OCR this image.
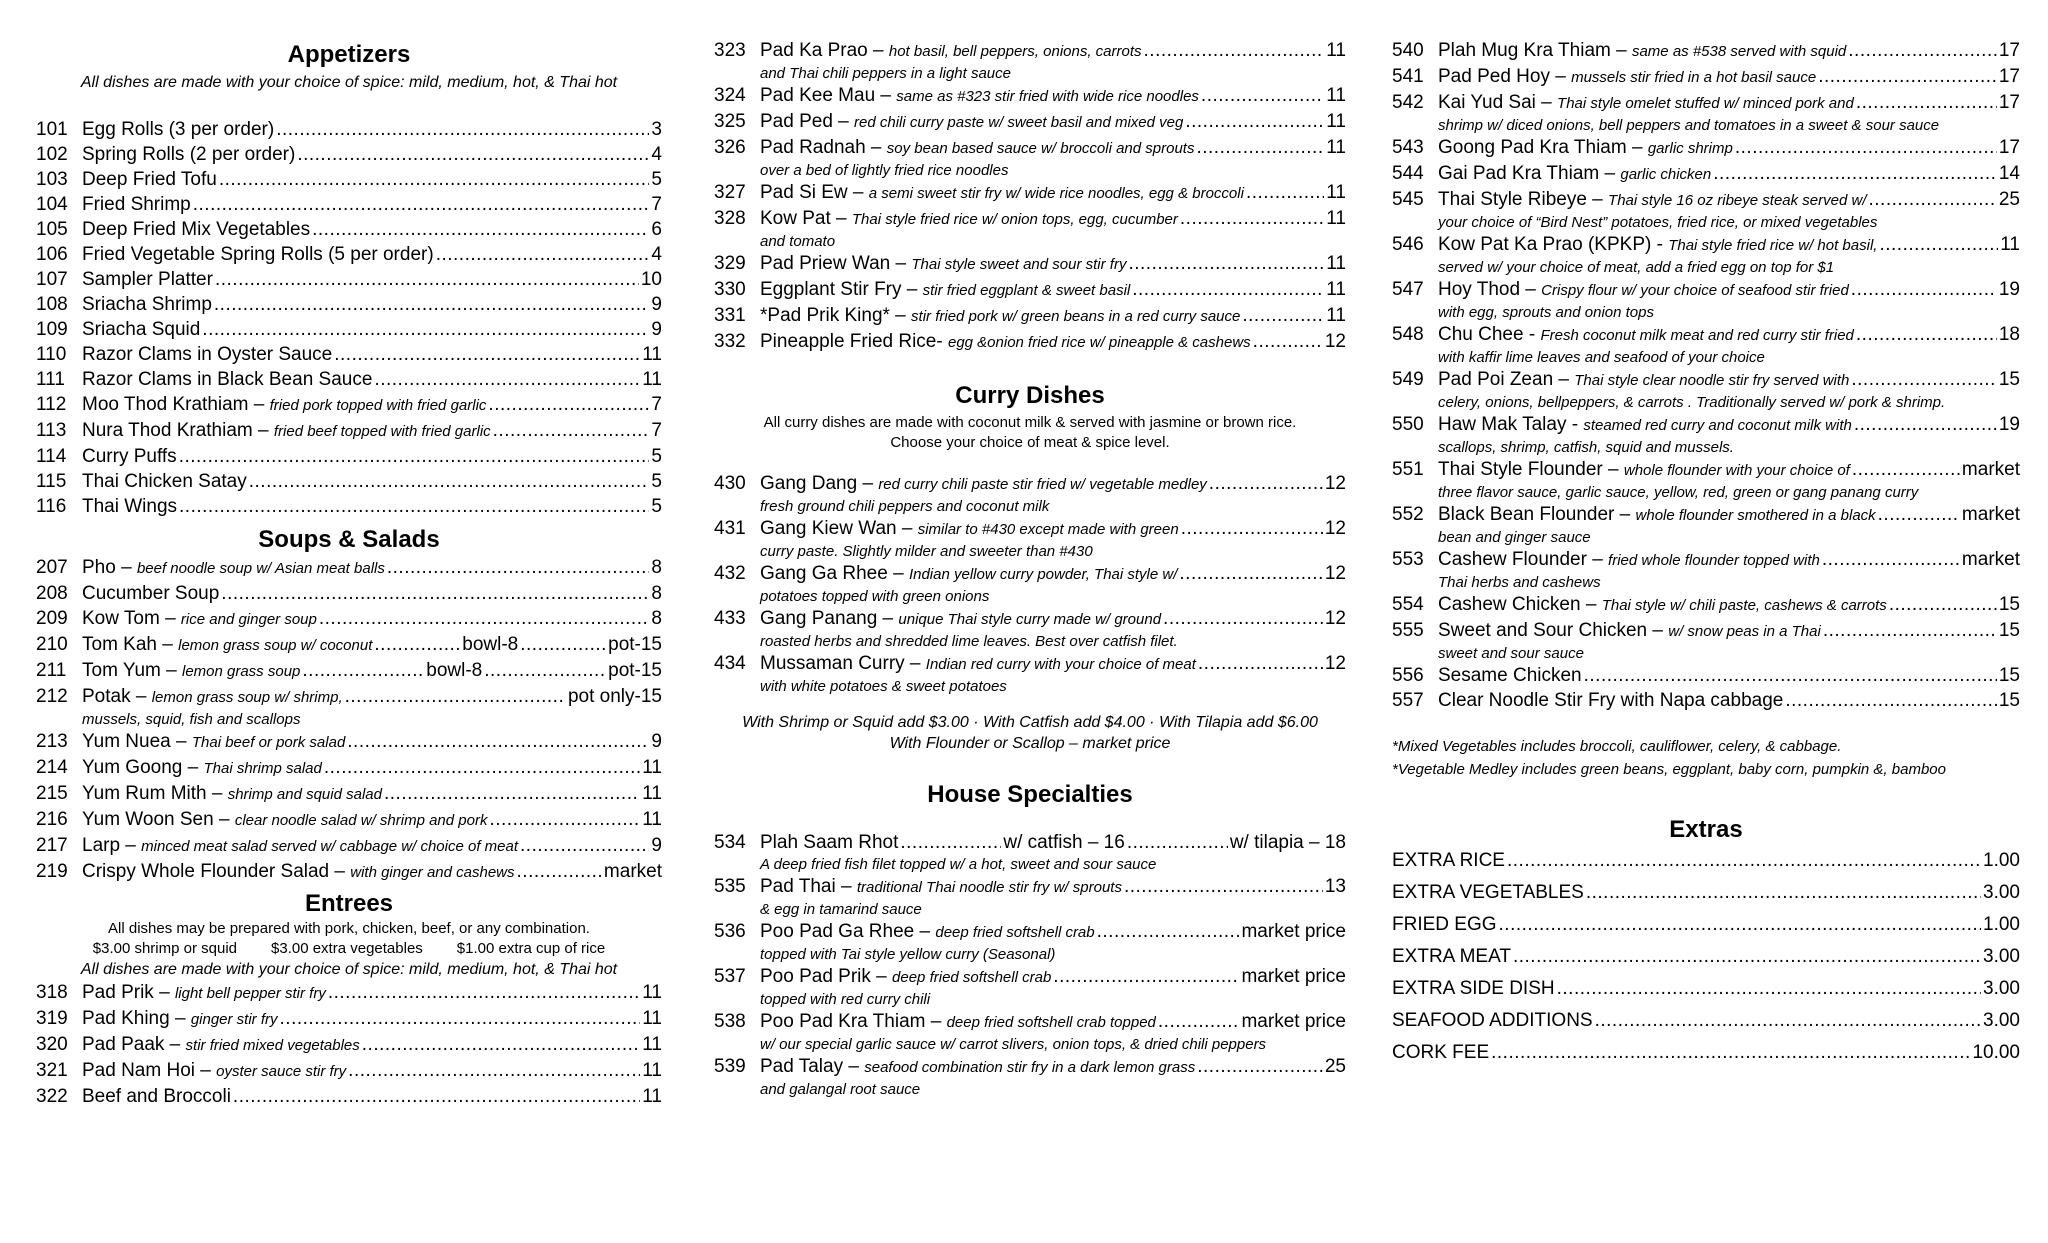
Appetizers
All dishes are made with your choice of spice: mild, medium, hot, & Thai hot
101 Egg Rolls (3 per order) .....	3
102 Spring Rolls (2 per order) .....	4
103 Deep Fried Tofu .....	5
104 Fried Shrimp .....	7
105 Deep Fried Mix Vegetables .....	6
106 Fried Vegetable Spring Rolls (5 per order) .....	4
107 Sampler Platter .....	10
108 Sriacha Shrimp .....	9
109 Sriacha Squid .....	9
110 Razor Clams in Oyster Sauce .....	11
111 Razor Clams in Black Bean Sauce .....	11
112 Moo Thod Krathiam –
fried pork topped with fried garlic .....	7
113 Nura Thod Krathiam –
fried beef topped with fried garlic .....	7
114 Curry Puffs .....	5
115 Thai Chicken Satay .....	5
116 Thai Wings .....	5
Soups & Salads
207 Pho –
beef noodle soup w/ Asian meat balls .....	8
208 Cucumber Soup .....	8
209 Kow Tom –
rice and ginger soup .....	8
210 Tom Kah –
lemon grass soup w/ coconut .....	bowl-8 .....	pot-15
211 Tom Yum –
lemon grass soup .....	bowl-8 .....	pot-15
212 Potak –
lemon grass soup w/ shrimp, .....	pot only-15
mussels, squid, fish and scallops
213 Yum Nuea –
Thai beef or pork salad .....	9
214 Yum Goong –
Thai shrimp salad .....	11
215 Yum Rum Mith –
shrimp and squid salad .....	11
216 Yum Woon Sen –
clear noodle salad w/ shrimp and pork .....	11
217 Larp –
minced meat salad served w/ cabbage w/ choice of meat .....	9
219 Crispy Whole Flounder Salad –
with ginger and cashews .....	market
Entrees
All dishes may be prepared with pork, chicken, beef, or any combination.
$3.00 shrimp or squid $3.00 extra vegetables $1.00 extra cup of rice
All dishes are made with your choice of spice: mild, medium, hot, & Thai hot
318 Pad Prik –
light bell pepper stir fry .....	11
319 Pad Khing –
ginger stir fry .....	11
320 Pad Paak –
stir fried mixed vegetables .....	11
321 Pad Nam Hoi –
oyster sauce stir fry .....	11
322 Beef and Broccoli .....	11
323 Pad Ka Prao –
hot basil, bell peppers, onions, carrots .....	11
and Thai chili peppers in a light sauce
324 Pad Kee Mau –
same as #323 stir fried with wide rice noodles .....	11
325 Pad Ped –
red chili curry paste w/ sweet basil and mixed veg .....	11
326 Pad Radnah –
soy bean based sauce w/ broccoli and sprouts .....	11
over a bed of lightly fried rice noodles
327 Pad Si Ew –
a semi sweet stir fry w/ wide rice noodles, egg & broccoli .....	11
328 Kow Pat –
Thai style fried rice w/ onion tops, egg, cucumber .....	11
and tomato
329 Pad Priew Wan –
Thai style sweet and sour stir fry .....	11
330 Eggplant Stir Fry –
stir fried eggplant & sweet basil .....	11
331 *Pad Prik King* –
stir fried pork w/ green beans in a red curry sauce .....	11
332 Pineapple Fried Rice-
egg &onion fried rice w/ pineapple & cashews .....	12
Curry Dishes
All curry dishes are made with coconut milk & served with jasmine or brown rice.
Choose your choice of meat & spice level.
430 Gang Dang –
red curry chili paste stir fried w/ vegetable medley .....	12
fresh ground chili peppers and coconut milk
431 Gang Kiew Wan –
similar to #430 except made with green .....	12
curry paste. Slightly milder and sweeter than #430
432 Gang Ga Rhee –
Indian yellow curry powder, Thai style w/ .....	12
potatoes topped with green onions
433 Gang Panang –
unique Thai style curry made w/ ground .....	12
roasted herbs and shredded lime leaves. Best over catfish filet.
434 Mussaman Curry –
Indian red curry with your choice of meat .....	12
with white potatoes & sweet potatoes
With Shrimp or Squid add $3.00 · With Catfish add $4.00 · With Tilapia add $6.00
With Flounder or Scallop – market price
House Specialties
534 Plah Saam Rhot .....	w/ catfish – 16 .....	w/ tilapia – 18
A deep fried fish filet topped w/ a hot, sweet and sour sauce
535 Pad Thai –
traditional Thai noodle stir fry w/ sprouts .....	13
& egg in tamarind sauce
536 Poo Pad Ga Rhee –
deep fried softshell crab .....	market price
topped with Tai style yellow curry (Seasonal)
537 Poo Pad Prik –
deep fried softshell crab .....	market price
topped with red curry chili
538 Poo Pad Kra Thiam –
deep fried softshell crab topped .....	market price
w/ our special garlic sauce w/ carrot slivers, onion tops, & dried chili peppers
539 Pad Talay –
seafood combination stir fry in a dark lemon grass .....	25
and galangal root sauce
540 Plah Mug Kra Thiam –
same as #538 served with squid .....	17
541 Pad Ped Hoy –
mussels stir fried in a hot basil sauce .....	17
542 Kai Yud Sai –
Thai style omelet stuffed w/ minced pork and .....	17
shrimp w/ diced onions, bell peppers and tomatoes in a sweet & sour sauce
543 Goong Pad Kra Thiam –
garlic shrimp .....	17
544 Gai Pad Kra Thiam –
garlic chicken .....	14
545 Thai Style Ribeye –
Thai style 16 oz ribeye steak served w/ .....	25
your choice of “Bird Nest” potatoes, fried rice, or mixed vegetables
546 Kow Pat Ka Prao (KPKP) -
Thai style fried rice w/ hot basil, .....	11
served w/ your choice of meat, add a fried egg on top for $1
547 Hoy Thod –
Crispy flour w/ your choice of seafood stir fried .....	19
with egg, sprouts and onion tops
548 Chu Chee -
Fresh coconut milk meat and red curry stir fried .....	18
with kaffir lime leaves and seafood of your choice
549 Pad Poi Zean –
Thai style clear noodle stir fry served with .....	15
celery, onions, bellpeppers, & carrots . Traditionally served w/ pork & shrimp.
550 Haw Mak Talay -
steamed red curry and coconut milk with .....	19
scallops, shrimp, catfish, squid and mussels.
551 Thai Style Flounder –
whole flounder with your choice of .....	market
three flavor sauce, garlic sauce, yellow, red, green or gang panang curry
552 Black Bean Flounder –
whole flounder smothered in a black .....	market
bean and ginger sauce
553 Cashew Flounder –
fried whole flounder topped with .....	market
Thai herbs and cashews
554 Cashew Chicken –
Thai style w/ chili paste, cashews & carrots .....	15
555 Sweet and Sour Chicken –
w/ snow peas in a Thai .....	15
sweet and sour sauce
556 Sesame Chicken .....	15
557 Clear Noodle Stir Fry with Napa cabbage .....	15
*Mixed Vegetables includes broccoli, cauliflower, celery, & cabbage.
*Vegetable Medley includes green beans, eggplant, baby corn, pumpkin &, bamboo
Extras
EXTRA RICE .....	1.00
EXTRA VEGETABLES .....	3.00
FRIED EGG .....	1.00
EXTRA MEAT .....	3.00
EXTRA SIDE DISH .....	3.00
SEAFOOD ADDITIONS .....	3.00
CORK FEE .....	10.00
